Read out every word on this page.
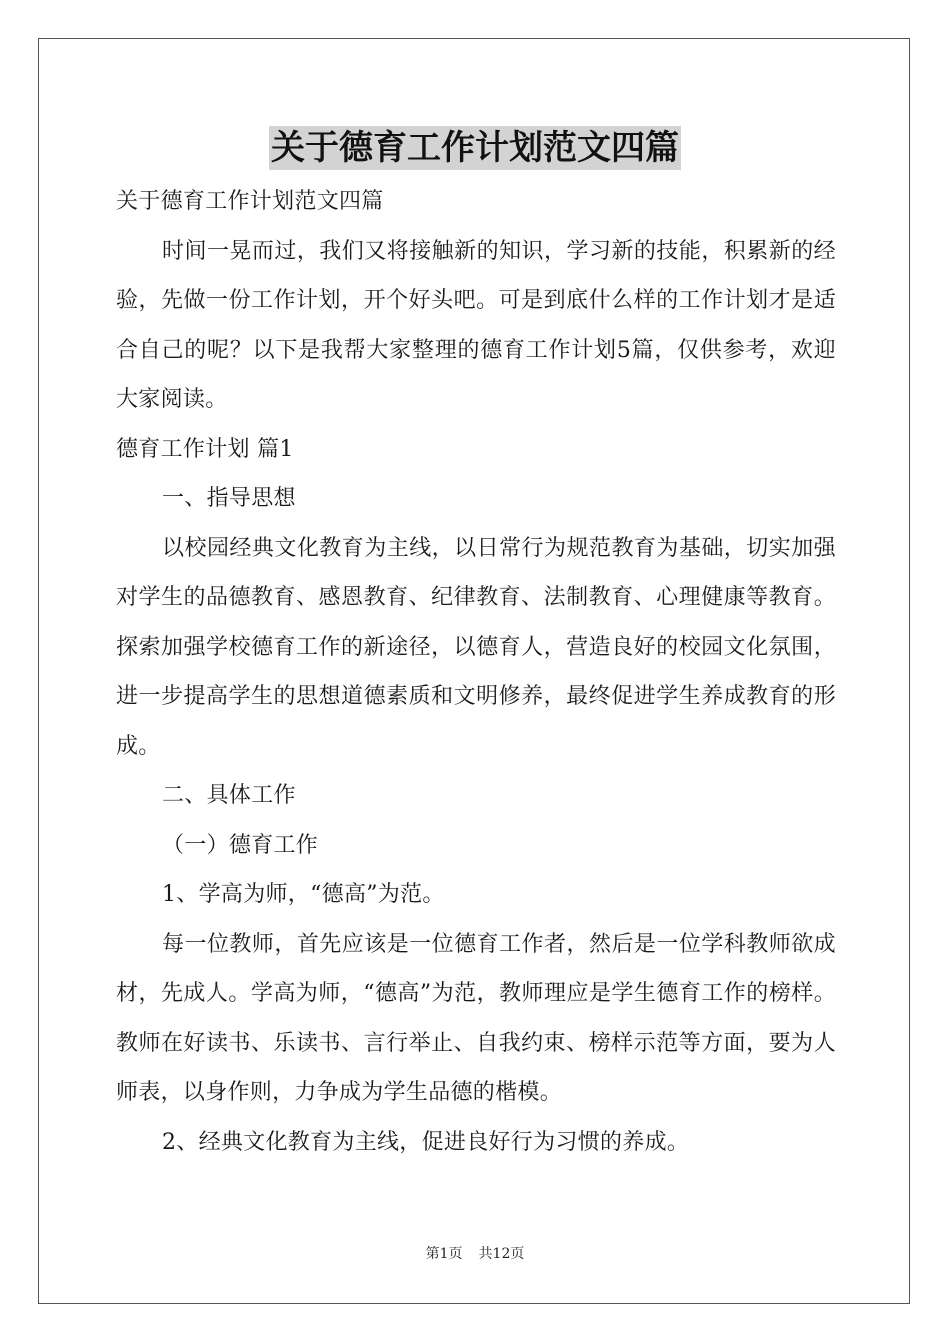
关于德育工作计划范文四篇

关于德育工作计划范文四篇

时间一晃而过，我们又将接触新的知识，学习新的技能，积累新的经验，先做一份工作计划，开个好头吧。可是到底什么样的工作计划才是适合自己的呢？以下是我帮大家整理的德育工作计划5篇，仅供参考，欢迎大家阅读。

德育工作计划 篇1

一、指导思想

以校园经典文化教育为主线，以日常行为规范教育为基础，切实加强对学生的品德教育、感恩教育、纪律教育、法制教育、心理健康等教育。探索加强学校德育工作的新途径，以德育人，营造良好的校园文化氛围，进一步提高学生的思想道德素质和文明修养，最终促进学生养成教育的形成。

二、具体工作

（一）德育工作

1、学高为师，“德高”为范。

每一位教师，首先应该是一位德育工作者，然后是一位学科教师欲成材，先成人。学高为师，“德高”为范，教师理应是学生德育工作的榜样。教师在好读书、乐读书、言行举止、自我约束、榜样示范等方面，要为人师表，以身作则，力争成为学生品德的楷模。

2、经典文化教育为主线，促进良好行为习惯的养成。

第1页 共12页
